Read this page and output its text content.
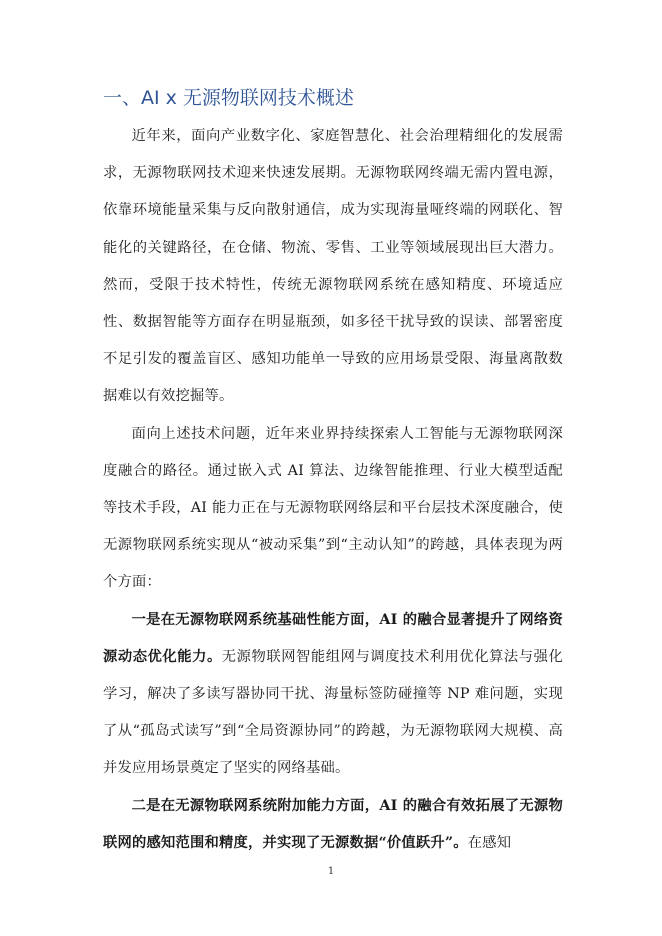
一、AI x 无源物联网技术概述

近年来，面向产业数字化、家庭智慧化、社会治理精细化的发展需求，无源物联网技术迎来快速发展期。无源物联网终端无需内置电源，依靠环境能量采集与反向散射通信，成为实现海量哑终端的网联化、智能化的关键路径，在仓储、物流、零售、工业等领域展现出巨大潜力。然而，受限于技术特性，传统无源物联网系统在感知精度、环境适应性、数据智能等方面存在明显瓶颈，如多径干扰导致的误读、部署密度不足引发的覆盖盲区、感知功能单一导致的应用场景受限、海量离散数据难以有效挖掘等。

面向上述技术问题，近年来业界持续探索人工智能与无源物联网深度融合的路径。通过嵌入式 AI 算法、边缘智能推理、行业大模型适配等技术手段，AI 能力正在与无源物联网络层和平台层技术深度融合，使无源物联网系统实现从“被动采集”到“主动认知”的跨越，具体表现为两个方面：

一是在无源物联网系统基础性能方面，AI 的融合显著提升了网络资源动态优化能力。无源物联网智能组网与调度技术利用优化算法与强化学习，解决了多读写器协同干扰、海量标签防碰撞等 NP 难问题，实现了从“孤岛式读写”到“全局资源协同”的跨越，为无源物联网大规模、高并发应用场景奠定了坚实的网络基础。

二是在无源物联网系统附加能力方面，AI 的融合有效拓展了无源物联网的感知范围和精度，并实现了无源数据“价值跃升”。在感知

1
